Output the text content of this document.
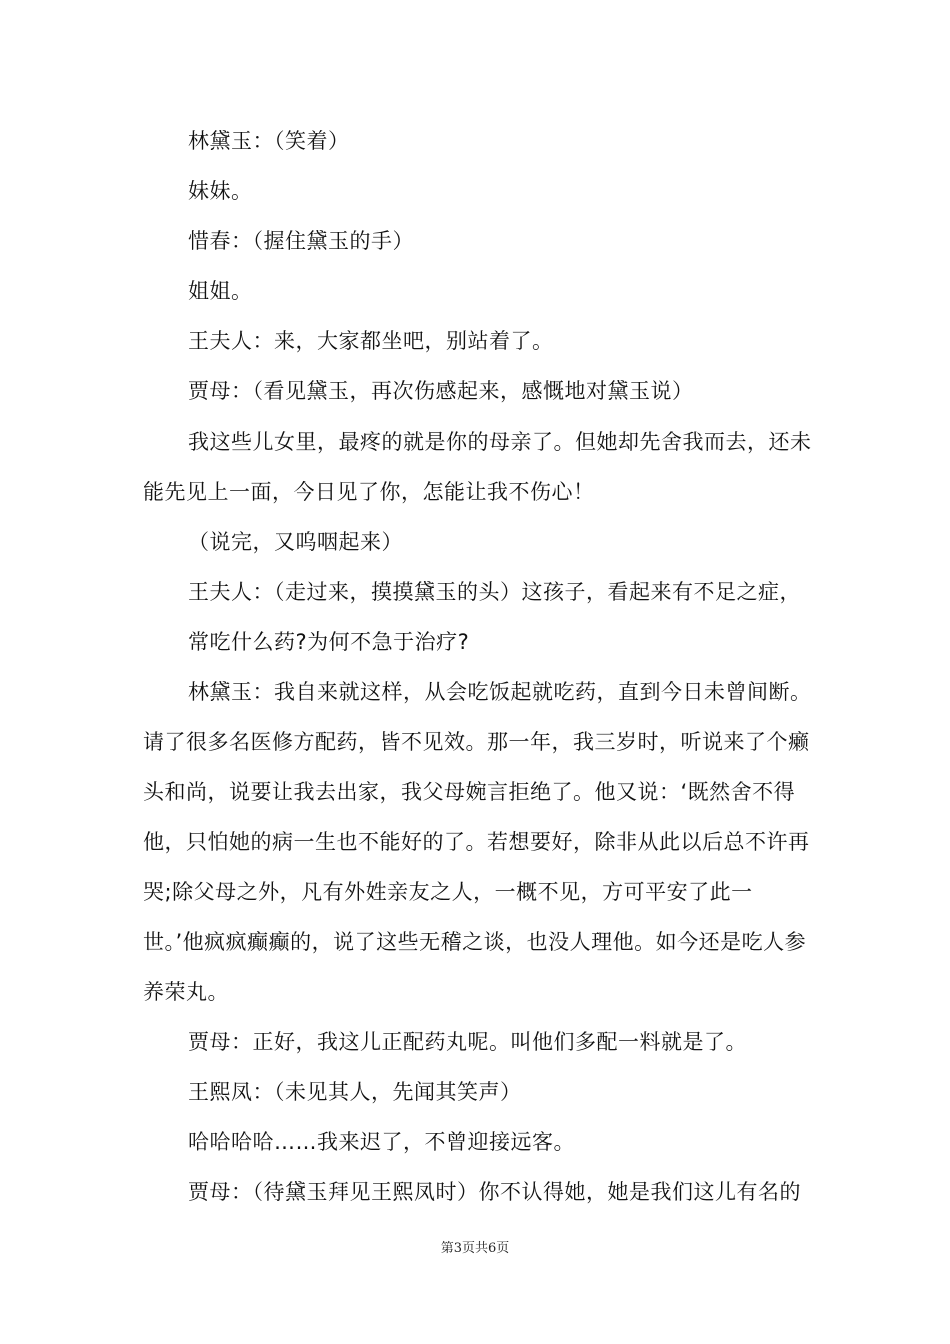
林黛玉：（笑着）
妹妹。
惜春：（握住黛玉的手）
姐姐。
王夫人：来，大家都坐吧，别站着了。
贾母：（看见黛玉，再次伤感起来，感慨地对黛玉说）
我这些儿女里，最疼的就是你的母亲了。但她却先舍我而去，还未
能先见上一面，今日见了你，怎能让我不伤心！
（说完，又呜咽起来）
王夫人：（走过来，摸摸黛玉的头）这孩子，看起来有不足之症，
常吃什么药?为何不急于治疗?
林黛玉：我自来就这样，从会吃饭起就吃药，直到今日未曾间断。
请了很多名医修方配药，皆不见效。那一年，我三岁时，听说来了个癞
头和尚，说要让我去出家，我父母婉言拒绝了。他又说：‘既然舍不得
他，只怕她的病一生也不能好的了。若想要好，除非从此以后总不许再
哭;除父母之外，凡有外姓亲友之人，一概不见，方可平安了此一
世。’他疯疯癫癫的，说了这些无稽之谈，也没人理他。如今还是吃人参
养荣丸。
贾母：正好，我这儿正配药丸呢。叫他们多配一料就是了。
王熙凤：（未见其人，先闻其笑声）
哈哈哈哈……我来迟了，不曾迎接远客。
贾母：（待黛玉拜见王熙凤时）你不认得她，她是我们这儿有名的
第3页共6页
